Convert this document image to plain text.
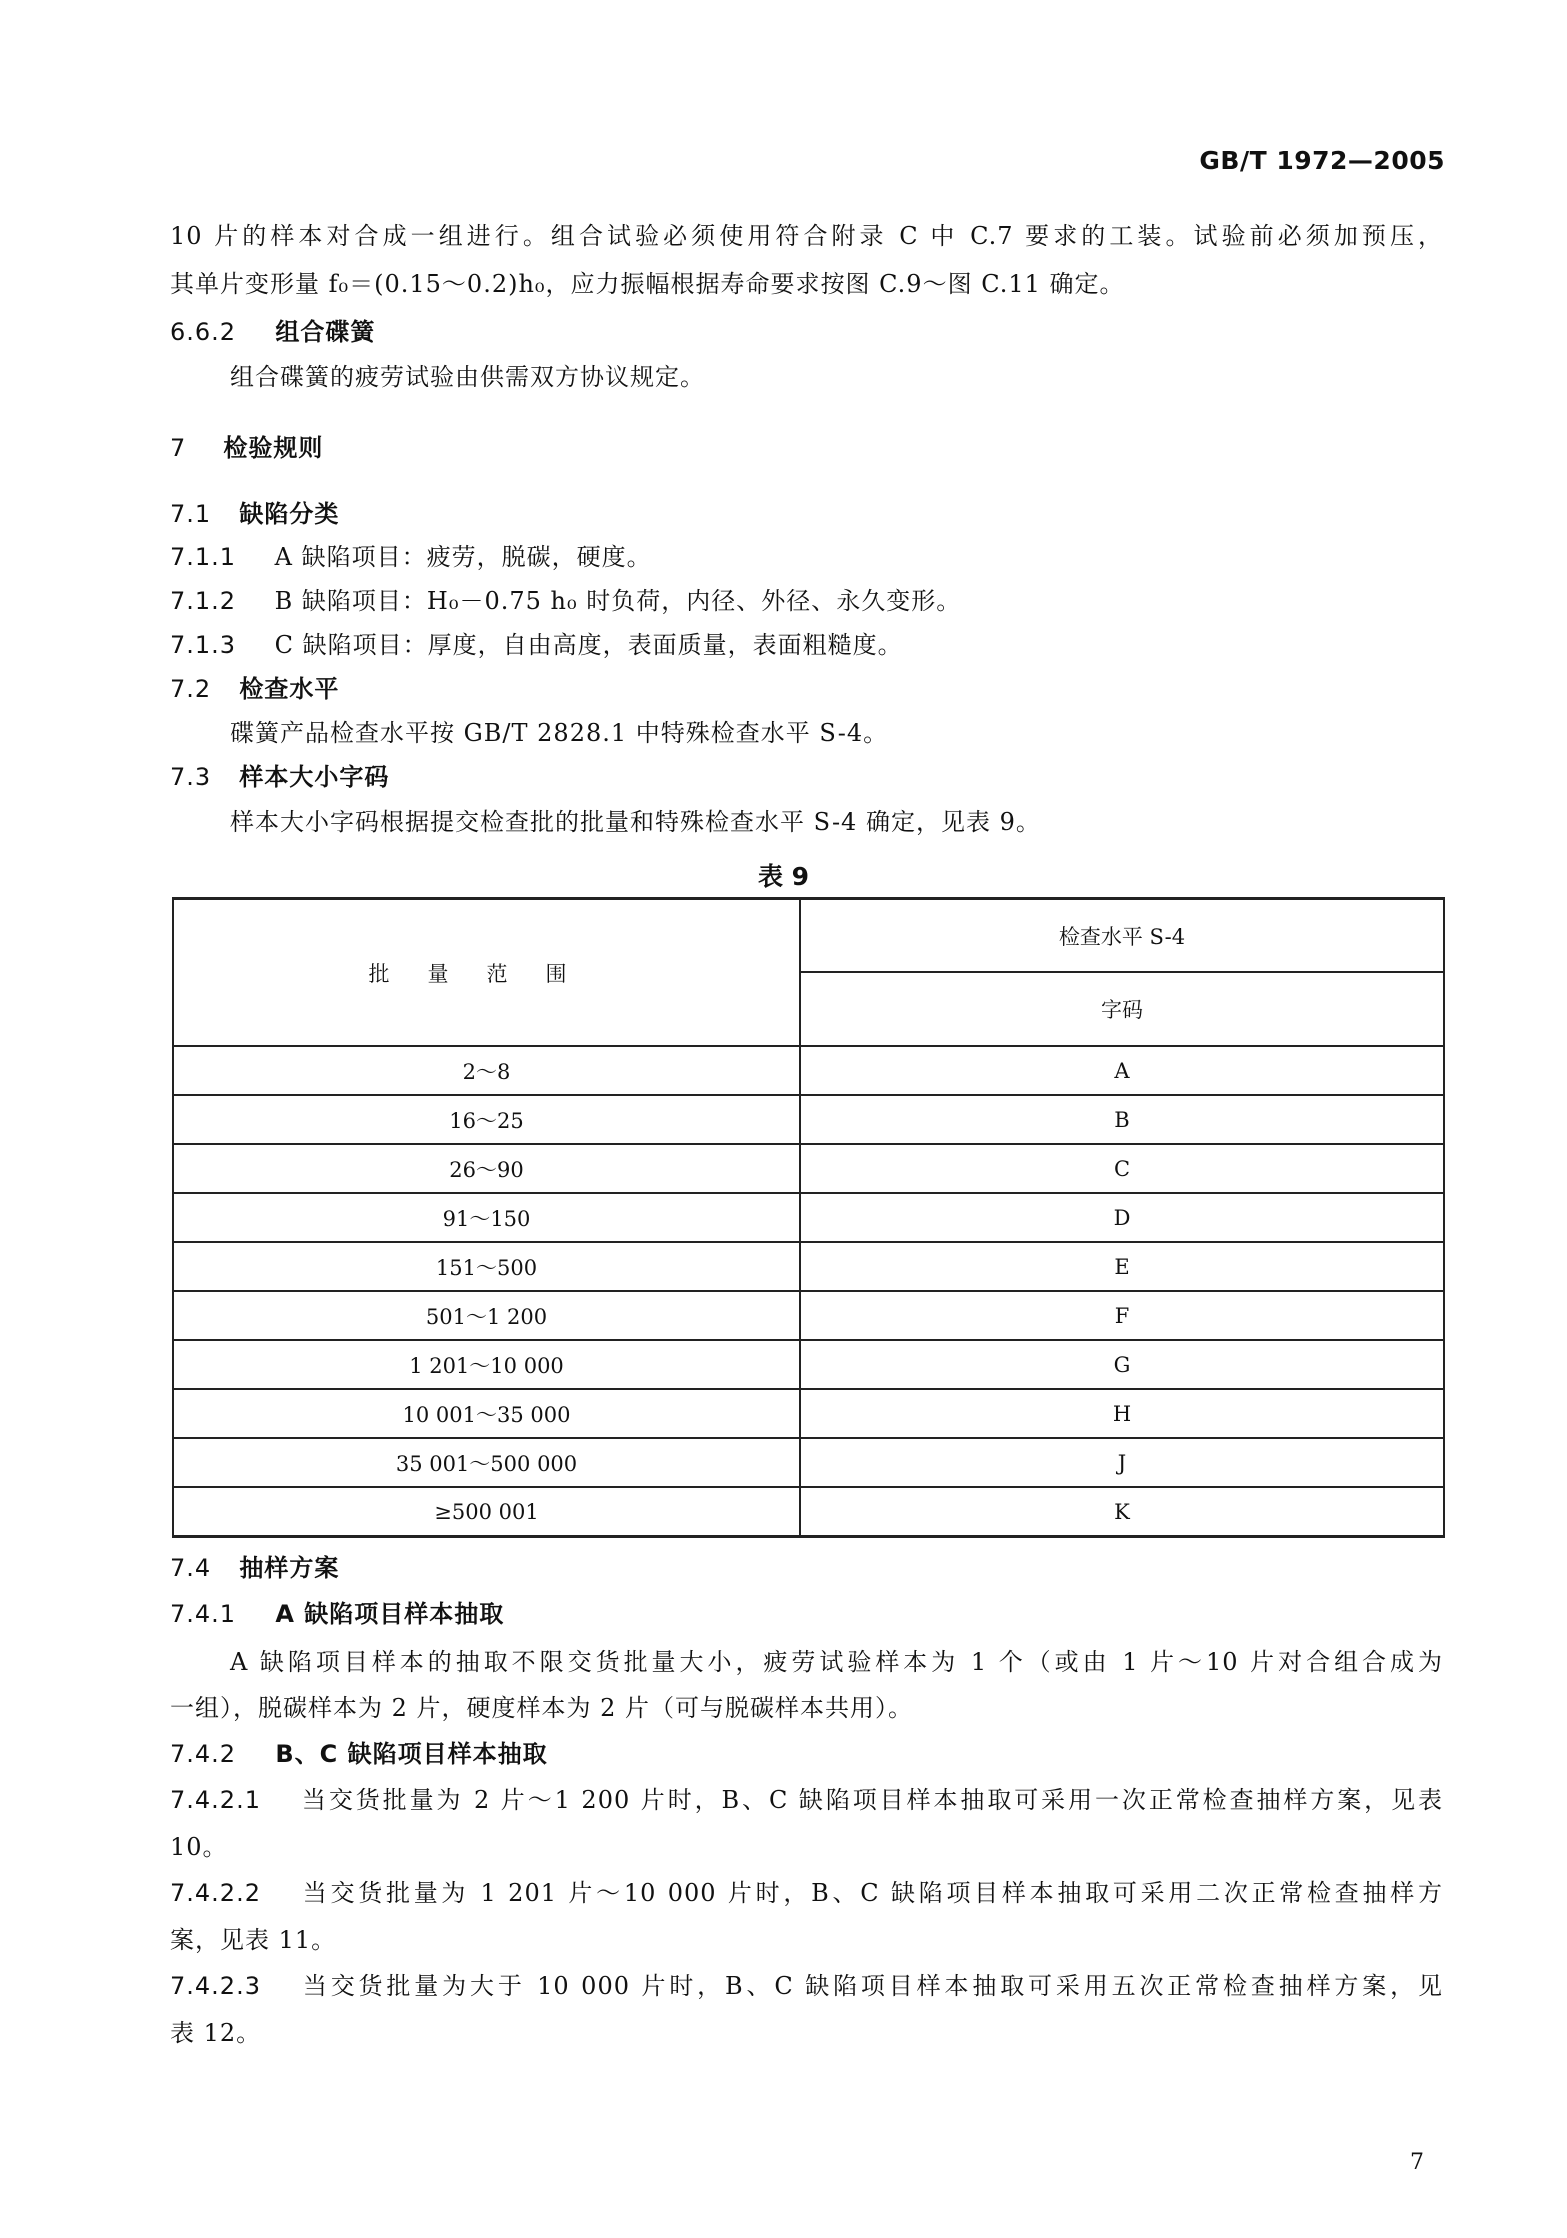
GB/T 1972—2005
10 片的样本对合成一组进行。组合试验必须使用符合附录 C 中 C.7 要求的工装。试验前必须加预压，
其单片变形量 f₀＝(0.15～0.2)h₀，应力振幅根据寿命要求按图 C.9～图 C.11 确定。
6.6.2 组合碟簧
组合碟簧的疲劳试验由供需双方协议规定。
7 检验规则
7.1 缺陷分类
7.1.1 A 缺陷项目：疲劳，脱碳，硬度。
7.1.2 B 缺陷项目：H₀－0.75 h₀ 时负荷，内径、外径、永久变形。
7.1.3 C 缺陷项目：厚度，自由高度，表面质量，表面粗糙度。
7.2 检查水平
碟簧产品检查水平按 GB/T 2828.1 中特殊检查水平 S-4。
7.3 样本大小字码
样本大小字码根据提交检查批的批量和特殊检查水平 S-4 确定，见表 9。
表 9
批量范围	检查水平 S-4
	字码
2～8	A
16～25	B
26～90	C
91～150	D
151～500	E
501～1 200	F
1 201～10 000	G
10 001～35 000	H
35 001～500 000	J
≥500 001	K
7.4 抽样方案
7.4.1 A 缺陷项目样本抽取
A 缺陷项目样本的抽取不限交货批量大小，疲劳试验样本为 1 个（或由 1 片～10 片对合组合成为
一组），脱碳样本为 2 片，硬度样本为 2 片（可与脱碳样本共用）。
7.4.2 B、C 缺陷项目样本抽取
7.4.2.1 当交货批量为 2 片～1 200 片时，B、C 缺陷项目样本抽取可采用一次正常检查抽样方案，见表
10。
7.4.2.2 当交货批量为 1 201 片～10 000 片时，B、C 缺陷项目样本抽取可采用二次正常检查抽样方
案，见表 11。
7.4.2.3 当交货批量为大于 10 000 片时，B、C 缺陷项目样本抽取可采用五次正常检查抽样方案，见
表 12。
7
